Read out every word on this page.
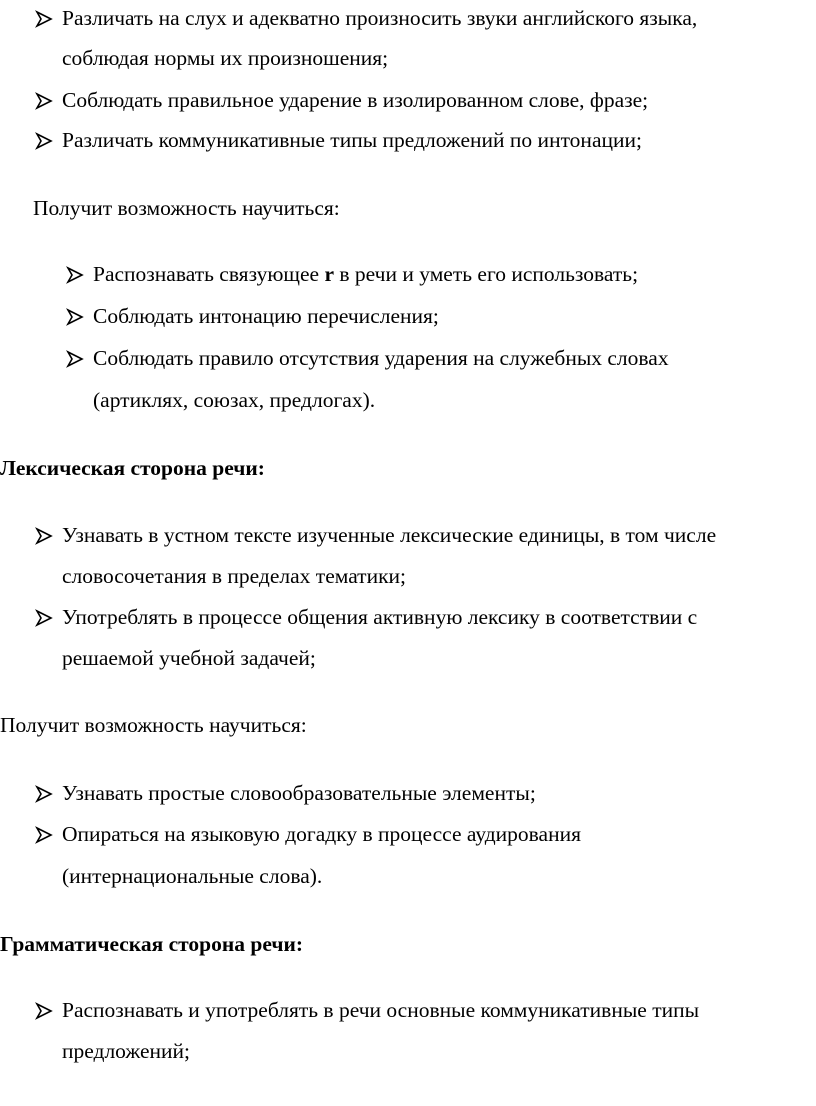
Различать на слух и адекватно произносить звуки английского языка,
соблюдая нормы их произношения;
Соблюдать правильное ударение в изолированном слове, фразе;
Различать коммуникативные типы предложений по интонации;
Получит возможность научиться:
Распознавать связующее r в речи и уметь его использовать;
Соблюдать интонацию перечисления;
Соблюдать правило отсутствия ударения на служебных словах
(артиклях, союзах, предлогах).
Лексическая сторона речи:
Узнавать в устном тексте изученные лексические единицы, в том числе
словосочетания в пределах тематики;
Употреблять в процессе общения активную лексику в соответствии с
решаемой учебной задачей;
Получит возможность научиться:
Узнавать простые словообразовательные элементы;
Опираться на языковую догадку в процессе аудирования
(интернациональные слова).
Грамматическая сторона речи:
Распознавать и употреблять в речи основные коммуникативные типы
предложений;
